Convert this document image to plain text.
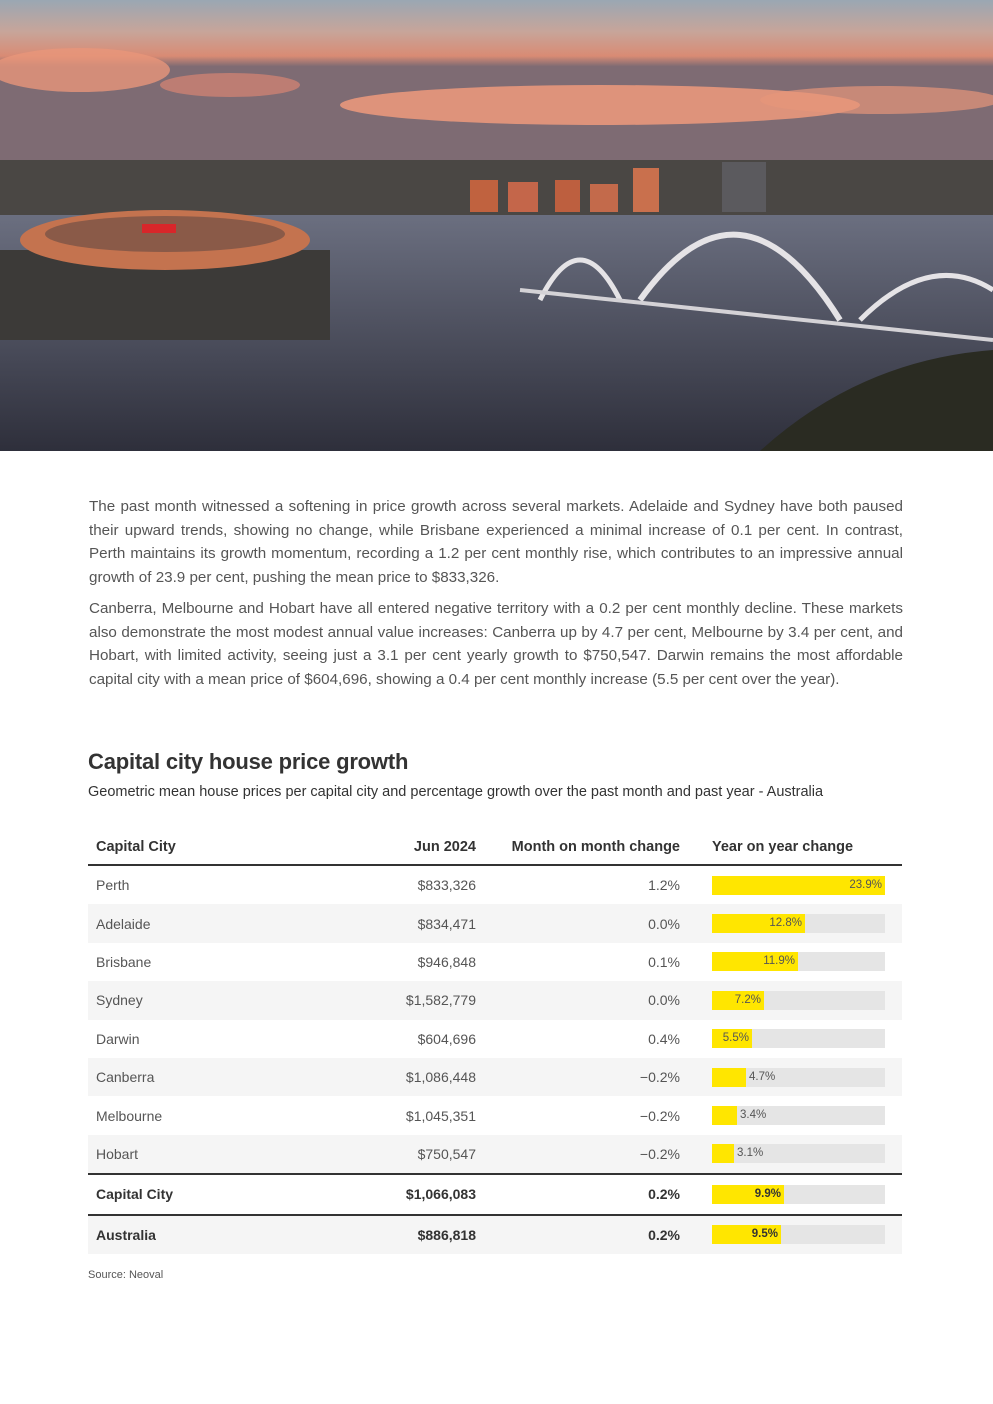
The past month witnessed a softening in price growth across several markets. Adelaide and Sydney have both paused their upward trends, showing no change, while Brisbane experienced a minimal increase of 0.1 per cent. In contrast, Perth maintains its growth momentum, recording a 1.2 per cent monthly rise, which contributes to an impressive annual growth of 23.9 per cent, pushing the mean price to $833,326.

Canberra, Melbourne and Hobart have all entered negative territory with a 0.2 per cent monthly decline. These markets also demonstrate the most modest annual value increases: Canberra up by 4.7 per cent, Melbourne by 3.4 per cent, and Hobart, with limited activity, seeing just a 3.1 per cent yearly growth to $750,547. Darwin remains the most affordable capital city with a mean price of $604,696, showing a 0.4 per cent monthly increase (5.5 per cent over the year).

Capital city house price growth
Geometric mean house prices per capital city and percentage growth over the past month and past year - Australia
Capital City	Jun 2024	Month on month change	Year on year change
Perth	$833,326	1.2%	23.9%
Adelaide	$834,471	0.0%	12.8%
Brisbane	$946,848	0.1%	11.9%
Sydney	$1,582,779	0.0%	7.2%
Darwin	$604,696	0.4%	5.5%
Canberra	$1,086,448	−0.2%	4.7%
Melbourne	$1,045,351	−0.2%	3.4%
Hobart	$750,547	−0.2%	3.1%
Capital City	$1,066,083	0.2%	9.9%
Australia	$886,818	0.2%	9.5%
Source: Neoval
